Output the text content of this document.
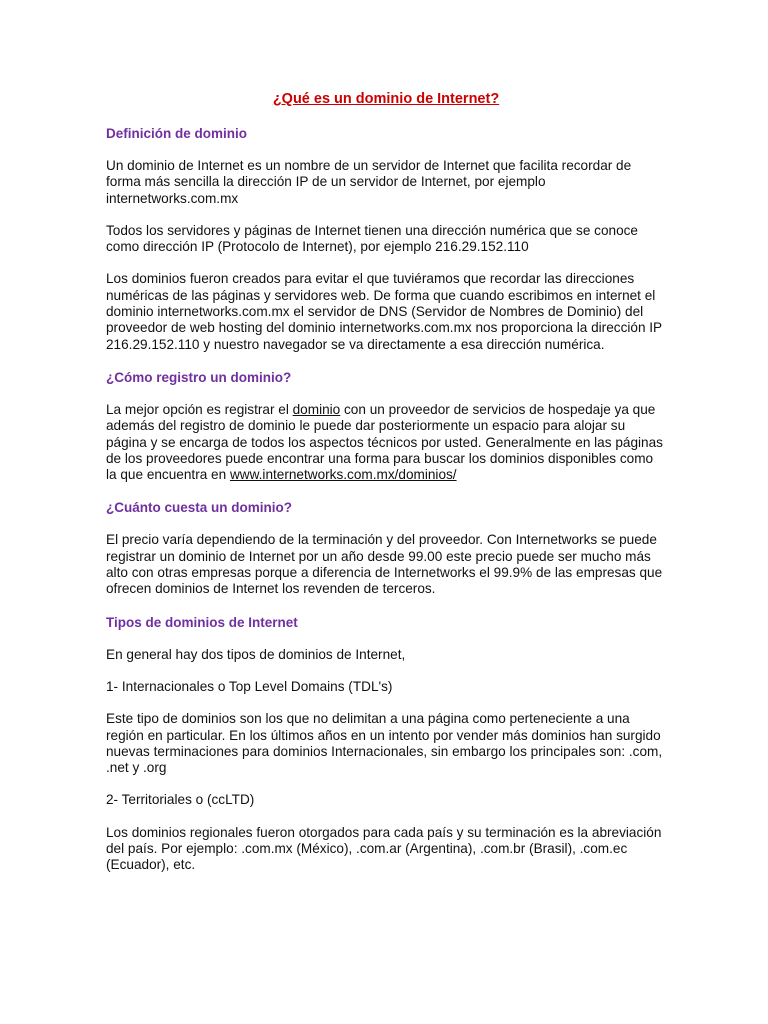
¿Qué es un dominio de Internet?
Definición de dominio

Un dominio de Internet es un nombre de un servidor de Internet que facilita recordar de forma más sencilla la dirección IP de un servidor de Internet, por ejemplo internetworks.com.mx

Todos los servidores y páginas de Internet tienen una dirección numérica que se conoce como dirección IP (Protocolo de Internet), por ejemplo 216.29.152.110

Los dominios fueron creados para evitar el que tuviéramos que recordar las direcciones numéricas de las páginas y servidores web. De forma que cuando escribimos en internet el dominio internetworks.com.mx el servidor de DNS (Servidor de Nombres de Dominio) del proveedor de web hosting del dominio internetworks.com.mx nos proporciona la dirección IP 216.29.152.110 y nuestro navegador se va directamente a esa dirección numérica.

¿Cómo registro un dominio?

La mejor opción es registrar el dominio con un proveedor de servicios de hospedaje ya que además del registro de dominio le puede dar posteriormente un espacio para alojar su página y se encarga de todos los aspectos técnicos por usted. Generalmente en las páginas de los proveedores puede encontrar una forma para buscar los dominios disponibles como la que encuentra en www.internetworks.com.mx/dominios/

¿Cuánto cuesta un dominio?

El precio varía dependiendo de la terminación y del proveedor. Con Internetworks se puede registrar un dominio de Internet por un año desde 99.00 este precio puede ser mucho más alto con otras empresas porque a diferencia de Internetworks el 99.9% de las empresas que ofrecen dominios de Internet los revenden de terceros.

Tipos de dominios de Internet

En general hay dos tipos de dominios de Internet,

1- Internacionales o Top Level Domains (TDL's)

Este tipo de dominios son los que no delimitan a una página como perteneciente a una región en particular. En los últimos años en un intento por vender más dominios han surgido nuevas terminaciones para dominios Internacionales, sin embargo los principales son: .com, .net y .org

2- Territoriales o (ccLTD)

Los dominios regionales fueron otorgados para cada país y su terminación es la abreviación del país. Por ejemplo: .com.mx (México), .com.ar (Argentina), .com.br (Brasil), .com.ec (Ecuador), etc.
